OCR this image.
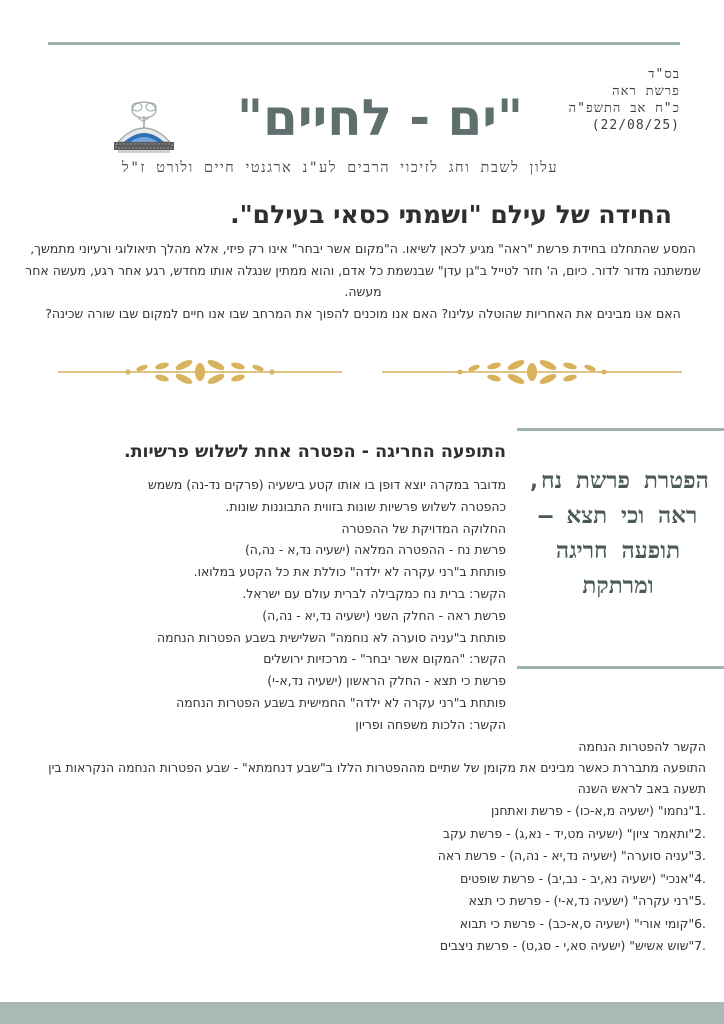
בס"ד
פרשת ראה
כ"ח אב התשפ"ה
(22/08/25)
"ים - לחיים"
עלון לשבת וחג לזיכוי הרבים לע"נ ארגנטי חיים ולורט ז"ל
החידה של עילם "ושמתי כסאי בעילם".

המסע שהתחלנו בחידת פרשת "ראה" מגיע לכאן לשיאו. ה"מקום אשר יבחר" אינו רק פיזי, אלא מהלך תיאולוגי ורעיוני מתמשך, שמשתנה מדור לדור. כיום, ה' חזר לטייל ב"גן עדן" שבנשמת כל אדם, והוא ממתין שנגלה אותו מחדש, רגע אחר רגע, מעשה אחר מעשה.

האם אנו מבינים את האחריות שהוטלה עלינו? האם אנו מוכנים להפוך את המרחב שבו אנו חיים למקום שבו שורה שכינה?

הפטרת פרשת נח, ראה וכי תצא – תופעה חריגה ומרתקת
התופעה החריגה - הפטרה אחת לשלוש פרשיות.
מדובר במקרה יוצא דופן בו אותו קטע בישעיה (פרקים נד-נה) משמש
כהפטרה לשלוש פרשיות שונות בזווית התבוננות שונות.
החלוקה המדויקת של ההפטרה
פרשת נח - ההפטרה המלאה (ישעיה נד,א - נה,ה)
פותחת ב"רני עקרה לא ילדה" כוללת את כל הקטע במלואו.
הקשר: ברית נח כמקבילה לברית עולם עם ישראל.
פרשת ראה - החלק השני (ישעיה נד,יא - נה,ה)
פותחת ב"עניה סוערה לא נוחמה" השלישית בשבע הפטרות הנחמה
הקשר: "המקום אשר יבחר" - מרכזיות ירושלים
פרשת כי תצא - החלק הראשון (ישעיה נד,א-י)
פותחת ב"רני עקרה לא ילדה" החמישית בשבע הפטרות הנחמה
הקשר: הלכות משפחה ופריון
הקשר להפטרות הנחמה
התופעה מתבררת כאשר מבינים את מקומן של שתיים מההפטרות הללו ב"שבע דנחמתא" - שבע הפטרות הנחמה הנקראות בין תשעה באב לראש השנה
1."נחמו" (ישעיה מ,א-כו) - פרשת ואתחנן
2."ותאמר ציון" (ישעיה מט,יד - נא,ג) - פרשת עקב
3."עניה סוערה" (ישעיה נד,יא - נה,ה) - פרשת ראה
4."אנכי" (ישעיה נא,יב - נב,יב) - פרשת שופטים
5."רני עקרה" (ישעיה נד,א-י) - פרשת כי תצא
6."קומי אורי" (ישעיה ס,א-כב) - פרשת כי תבוא
7."שוש אשיש" (ישעיה סא,י - סג,ט) - פרשת ניצבים
